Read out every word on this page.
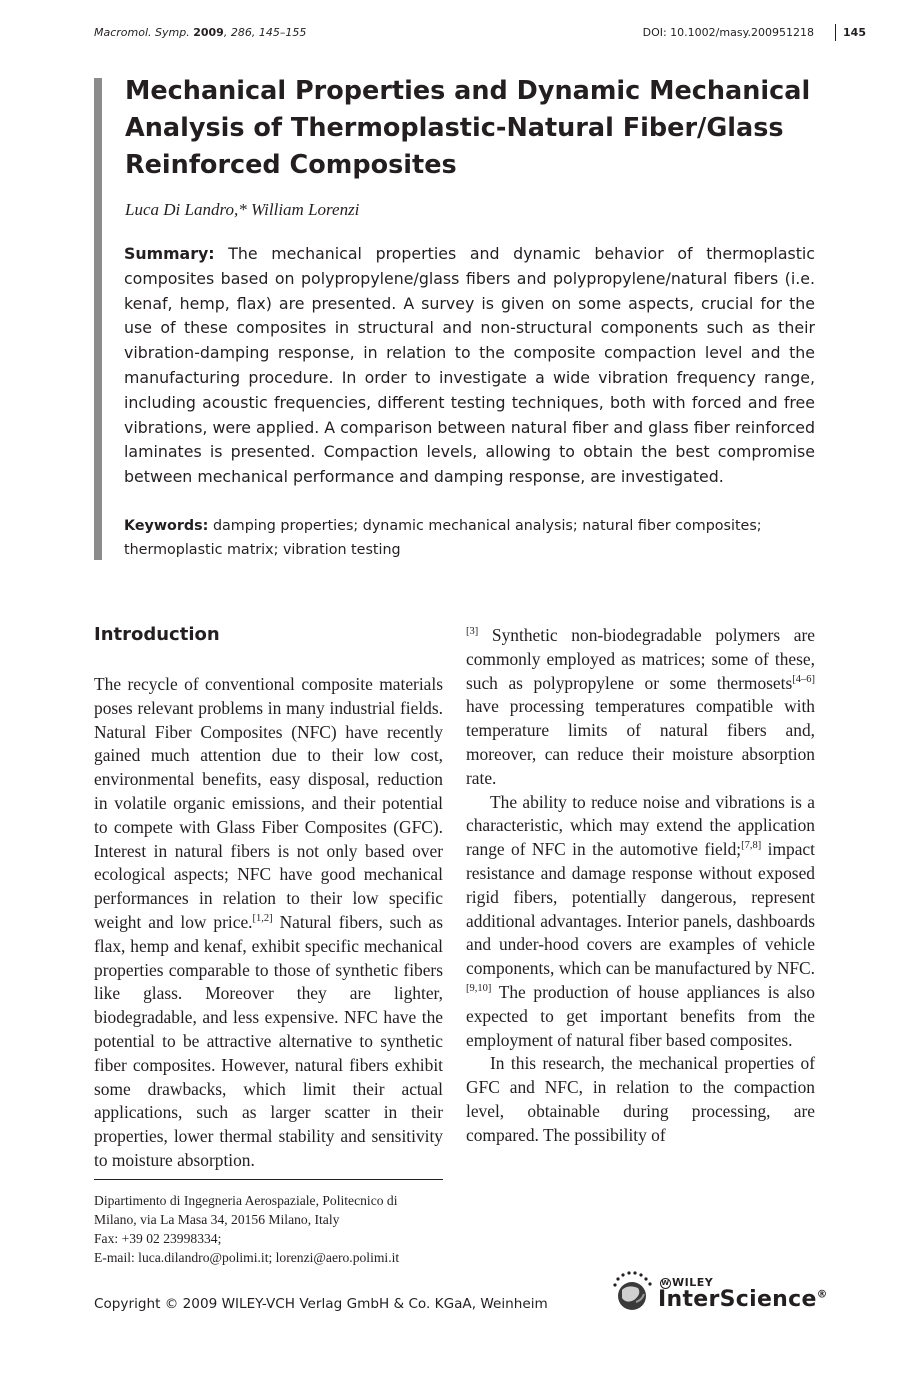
Macromol. Symp. 2009, 286, 145–155	DOI: 10.1002/masy.200951218	145
Mechanical Properties and Dynamic Mechanical Analysis of Thermoplastic-Natural Fiber/Glass Reinforced Composites
Luca Di Landro,* William Lorenzi
Summary: The mechanical properties and dynamic behavior of thermoplastic composites based on polypropylene/glass fibers and polypropylene/natural fibers (i.e. kenaf, hemp, flax) are presented. A survey is given on some aspects, crucial for the use of these composites in structural and non-structural components such as their vibration-damping response, in relation to the composite compaction level and the manufacturing procedure. In order to investigate a wide vibration frequency range, including acoustic frequencies, different testing techniques, both with forced and free vibrations, were applied. A comparison between natural fiber and glass fiber reinforced laminates is presented. Compaction levels, allowing to obtain the best compromise between mechanical performance and damping response, are investigated.
Keywords: damping properties; dynamic mechanical analysis; natural fiber composites; thermoplastic matrix; vibration testing
Introduction

The recycle of conventional composite materials poses relevant problems in many industrial fields. Natural Fiber Composites (NFC) have recently gained much attention due to their low cost, environmental benefits, easy disposal, reduction in volatile organic emissions, and their potential to compete with Glass Fiber Composites (GFC). Interest in natural fibers is not only based over ecological aspects; NFC have good mechanical performances in relation to their low specific weight and low price.[1,2] Natural fibers, such as flax, hemp and kenaf, exhibit specific mechanical properties comparable to those of synthetic fibers like glass. Moreover they are lighter, biodegradable, and less expensive. NFC have the potential to be attractive alternative to synthetic fiber composites. However, natural fibers exhibit some drawbacks, which limit their actual applications, such as larger scatter in their properties, lower thermal stability and sensitivity to moisture absorption.

[3] Synthetic non-biodegradable polymers are commonly employed as matrices; some of these, such as polypropylene or some thermosets[4–6] have processing temperatures compatible with temperature limits of natural fibers and, moreover, can reduce their moisture absorption rate.

The ability to reduce noise and vibrations is a characteristic, which may extend the application range of NFC in the automotive field;[7,8] impact resistance and damage response without exposed rigid fibers, potentially dangerous, represent additional advantages. Interior panels, dashboards and under-hood covers are examples of vehicle components, which can be manufactured by NFC.[9,10] The production of house appliances is also expected to get important benefits from the employment of natural fiber based composites.

In this research, the mechanical properties of GFC and NFC, in relation to the compaction level, obtainable during processing, are compared. The possibility of

Dipartimento di Ingegneria Aerospaziale, Politecnico di Milano, via La Masa 34, 20156 Milano, Italy
Fax: +39 02 23998334;
E-mail: luca.dilandro@polimi.it; lorenzi@aero.polimi.it
Copyright © 2009 WILEY-VCH Verlag GmbH & Co. KGaA, Weinheim
W WILEY
InterScience®
